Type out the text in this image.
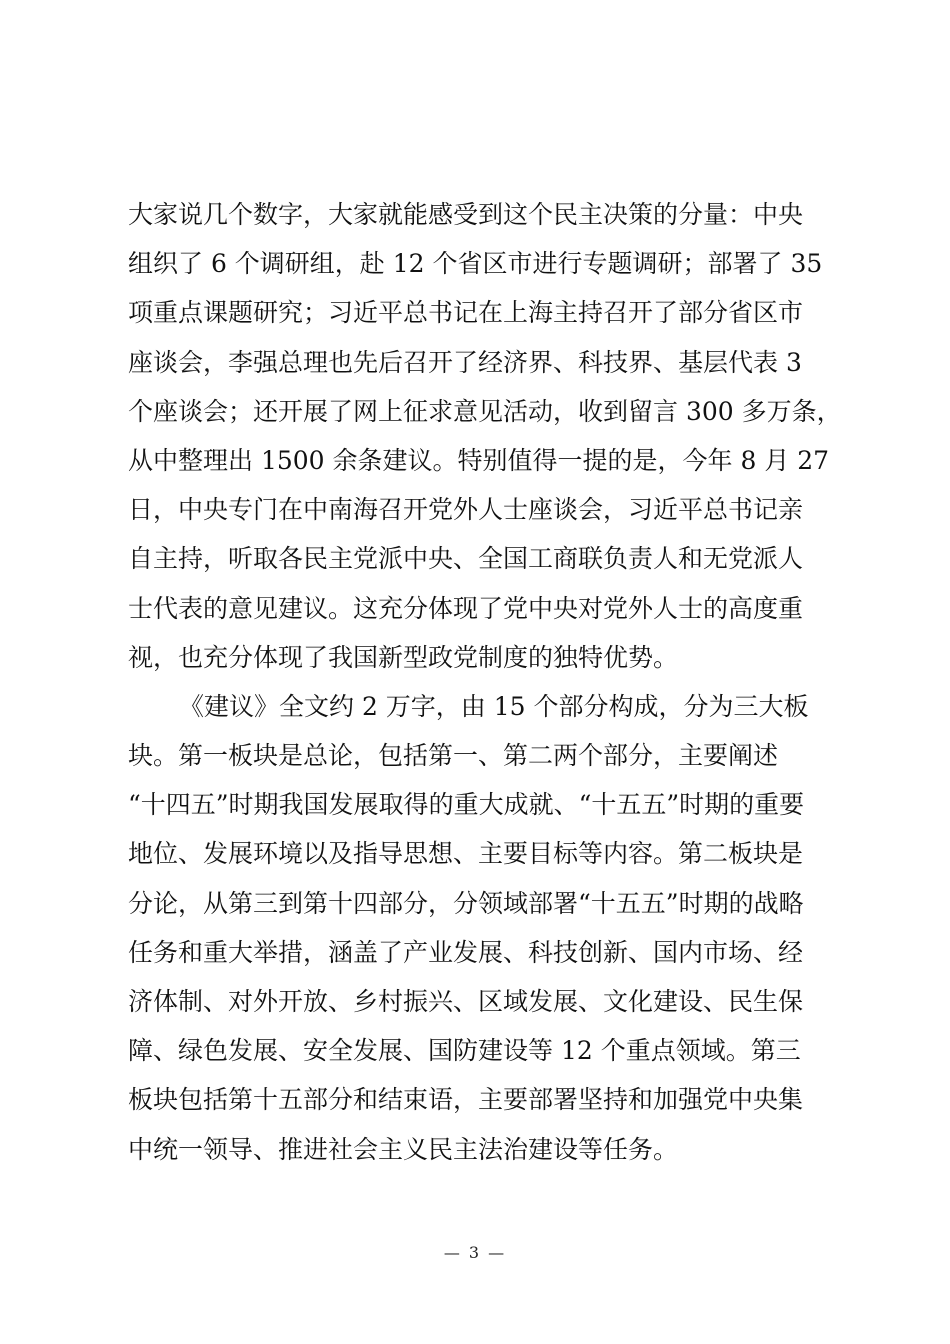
大家说几个数字，大家就能感受到这个民主决策的分量：中央
组织了 6 个调研组，赴 12 个省区市进行专题调研；部署了 35
项重点课题研究；习近平总书记在上海主持召开了部分省区市
座谈会，李强总理也先后召开了经济界、科技界、基层代表 3
个座谈会；还开展了网上征求意见活动，收到留言 300 多万条，
从中整理出 1500 余条建议。特别值得一提的是，今年 8 月 27
日，中央专门在中南海召开党外人士座谈会，习近平总书记亲
自主持，听取各民主党派中央、全国工商联负责人和无党派人
士代表的意见建议。这充分体现了党中央对党外人士的高度重
视，也充分体现了我国新型政党制度的独特优势。
《建议》全文约 2 万字，由 15 个部分构成，分为三大板
块。第一板块是总论，包括第一、第二两个部分，主要阐述
“十四五”时期我国发展取得的重大成就、“十五五”时期的重要
地位、发展环境以及指导思想、主要目标等内容。第二板块是
分论，从第三到第十四部分，分领域部署“十五五”时期的战略
任务和重大举措，涵盖了产业发展、科技创新、国内市场、经
济体制、对外开放、乡村振兴、区域发展、文化建设、民生保
障、绿色发展、安全发展、国防建设等 12 个重点领域。第三
板块包括第十五部分和结束语，主要部署坚持和加强党中央集
中统一领导、推进社会主义民主法治建设等任务。
— 3 —
